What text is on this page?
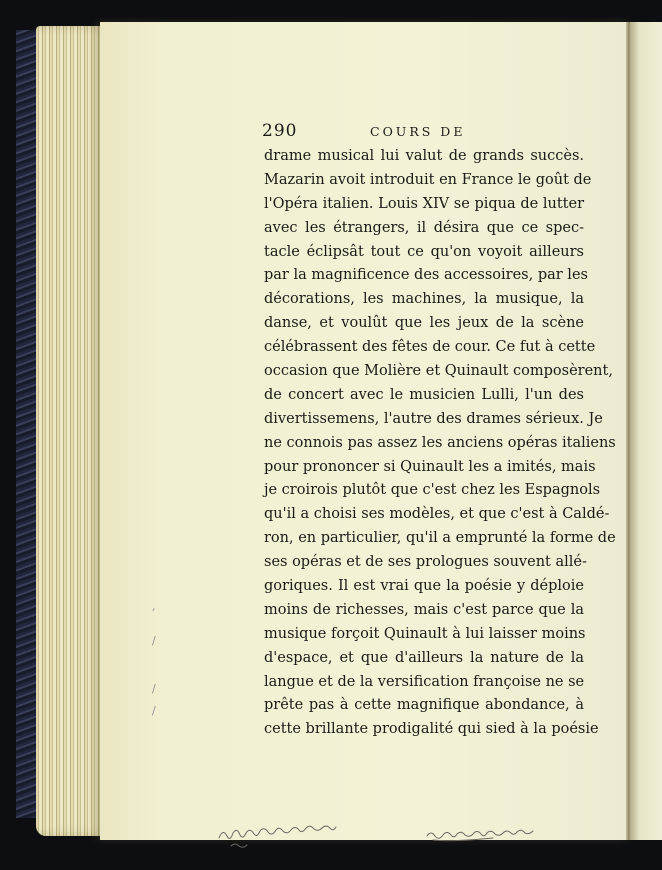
290	COURS DE
drame musical lui valut de grands succès.
Mazarin avoit introduit en France le goût de
l'Opéra italien. Louis XIV se piqua de lutter
avec les étrangers, il désira que ce spec-
tacle éclipsât tout ce qu'on voyoit ailleurs
par la magnificence des accessoires, par les
décorations, les machines, la musique, la
danse, et voulût que les jeux de la scène
célébrassent des fêtes de cour. Ce fut à cette
occasion que Molière et Quinault composèrent,
de concert avec le musicien Lulli, l'un des
divertissemens, l'autre des drames sérieux. Je
ne connois pas assez les anciens opéras italiens
pour prononcer si Quinault les a imités, mais
je croirois plutôt que c'est chez les Espagnols
qu'il a choisi ses modèles, et que c'est à Caldé-
ron, en particulier, qu'il a emprunté la forme de
ses opéras et de ses prologues souvent allé-
goriques. Il est vrai que la poésie y déploie
moins de richesses, mais c'est parce que la
musique forçoit Quinault à lui laisser moins
d'espace, et que d'ailleurs la nature de la
langue et de la versification françoise ne se
prête pas à cette magnifique abondance, à
cette brillante prodigalité qui sied à la poésie
,
/
/
/
